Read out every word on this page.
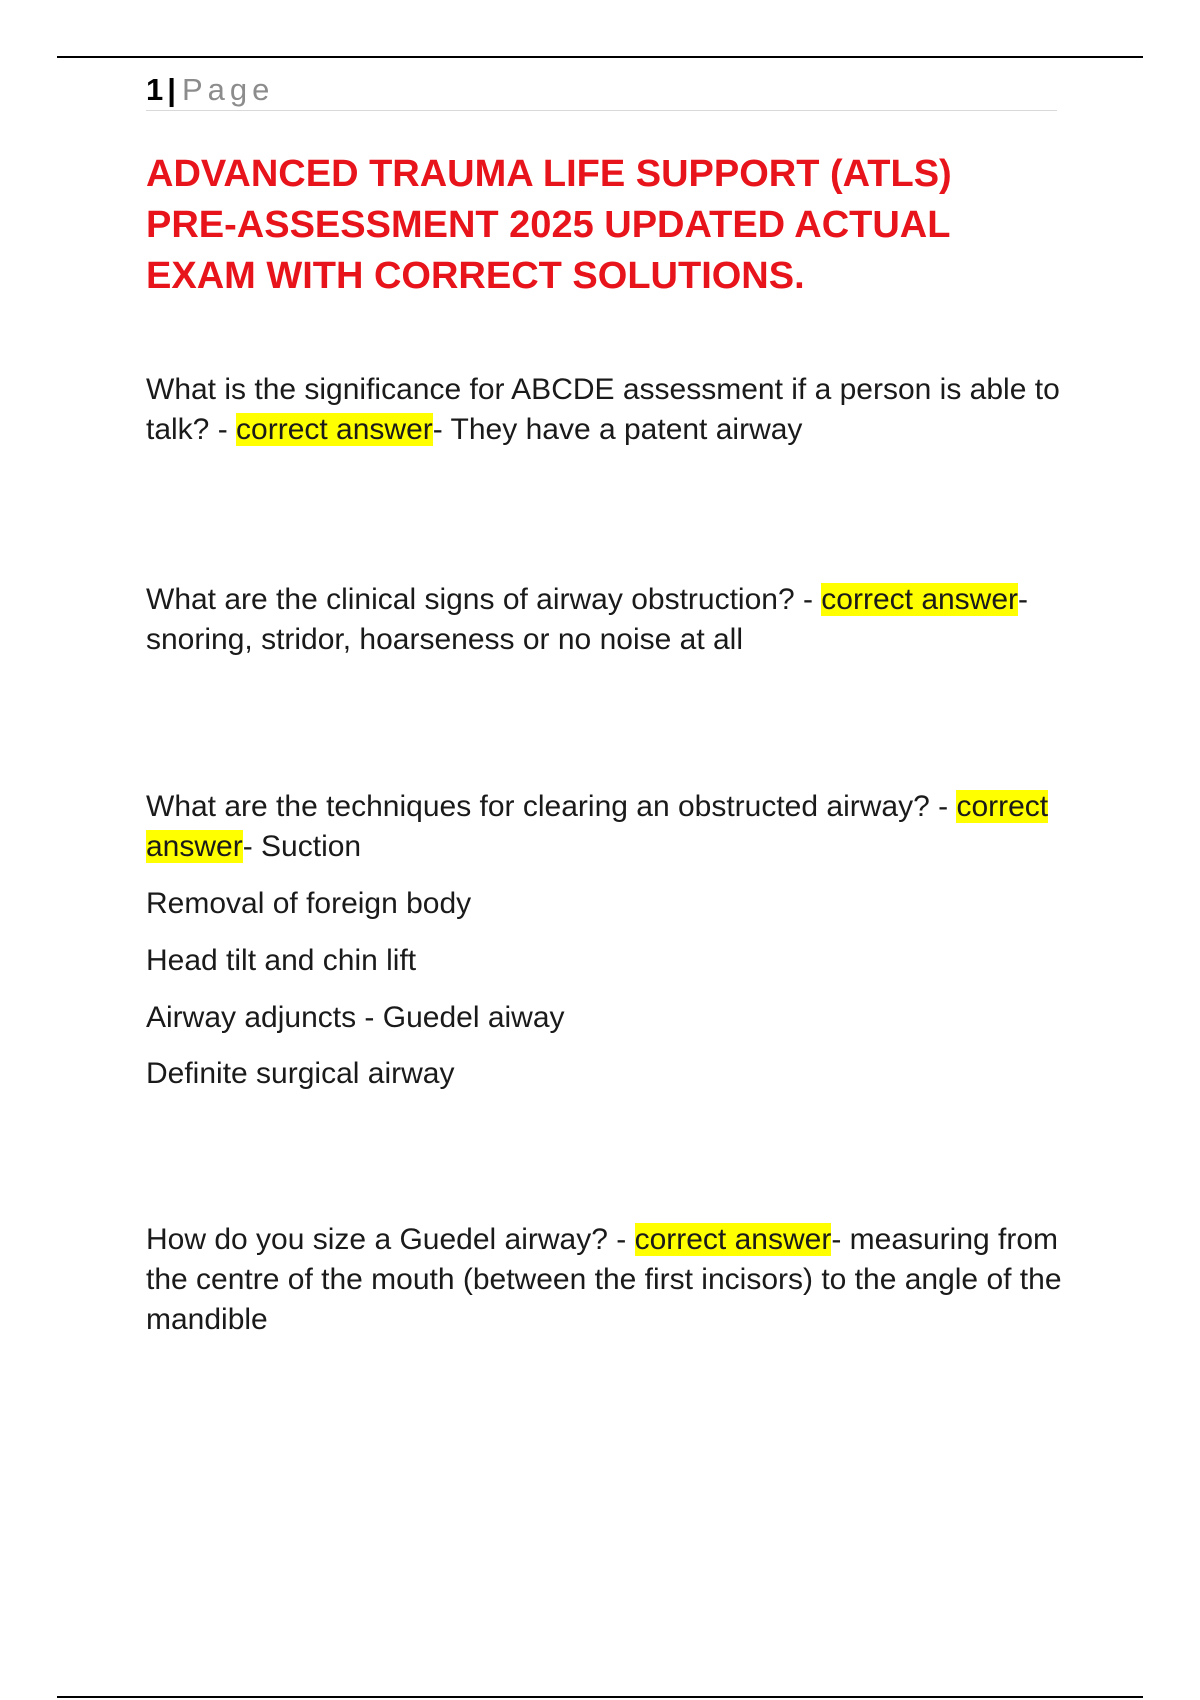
1 | Page
ADVANCED TRAUMA LIFE SUPPORT (ATLS)
PRE-ASSESSMENT 2025 UPDATED ACTUAL
EXAM WITH CORRECT SOLUTIONS.

What is the significance for ABCDE assessment if a person is able to talk? - correct answer- They have a patent airway

What are the clinical signs of airway obstruction? - correct answer- snoring, stridor, hoarseness or no noise at all

What are the techniques for clearing an obstructed airway? - correct answer- Suction

Removal of foreign body

Head tilt and chin lift

Airway adjuncts - Guedel aiway

Definite surgical airway

How do you size a Guedel airway? - correct answer- measuring from the centre of the mouth (between the first incisors) to the angle of the mandible
